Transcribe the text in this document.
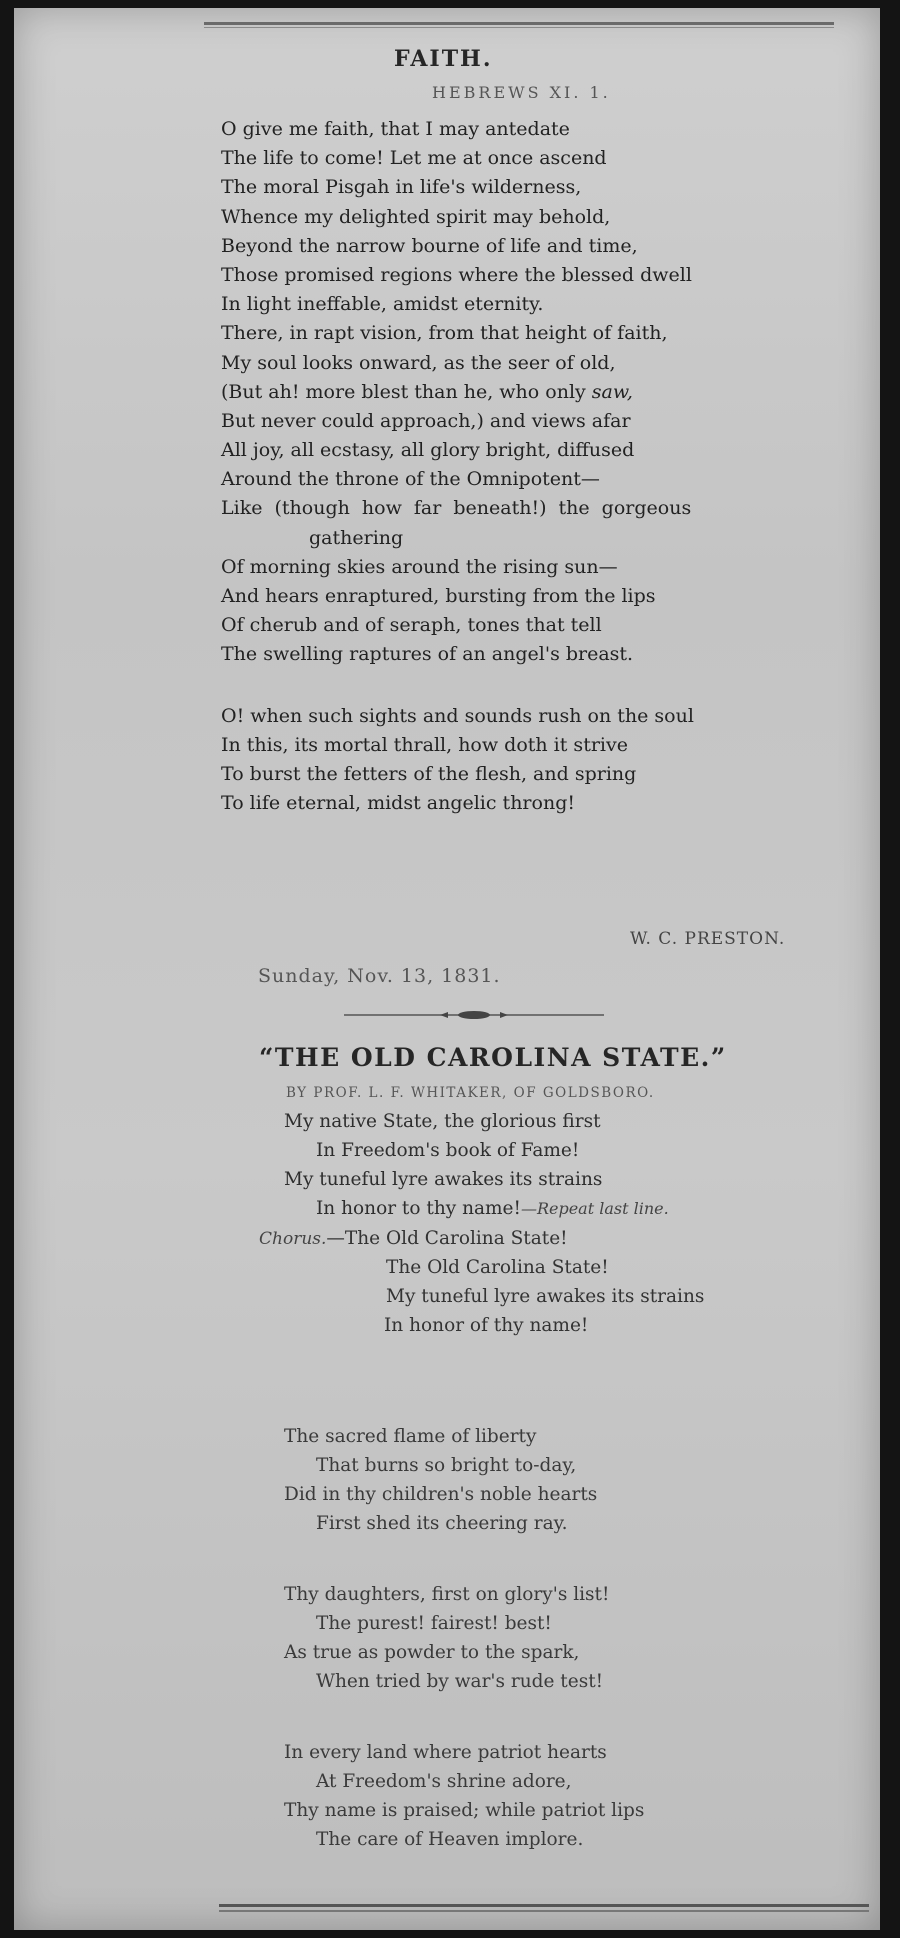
FAITH.
HEBREWS XI. 1.
O give me faith, that I may antedate
The life to come! Let me at once ascend
The moral Pisgah in life's wilderness,
Whence my delighted spirit may behold,
Beyond the narrow bourne of life and time,
Those promised regions where the blessed dwell
In light ineffable, amidst eternity.
There, in rapt vision, from that height of faith,
My soul looks onward, as the seer of old,
(But ah! more blest than he, who only saw,
But never could approach,) and views afar
All joy, all ecstasy, all glory bright, diffused
Around the throne of the Omnipotent—
Like (though how far beneath!) the gorgeous
gathering
Of morning skies around the rising sun—
And hears enraptured, bursting from the lips
Of cherub and of seraph, tones that tell
The swelling raptures of an angel's breast.
O! when such sights and sounds rush on the soul
In this, its mortal thrall, how doth it strive
To burst the fetters of the flesh, and spring
To life eternal, midst angelic throng!
W. C. PRESTON.
Sunday, Nov. 13, 1831.
“THE OLD CAROLINA STATE.”
BY PROF. L. F. WHITAKER, OF GOLDSBORO.
My native State, the glorious first
In Freedom's book of Fame!
My tuneful lyre awakes its strains
In honor to thy name!—Repeat last line.
Chorus.—The Old Carolina State!
The Old Carolina State!
My tuneful lyre awakes its strains
In honor of thy name!
The sacred flame of liberty
That burns so bright to-day,
Did in thy children's noble hearts
First shed its cheering ray.
Thy daughters, first on glory's list!
The purest! fairest! best!
As true as powder to the spark,
When tried by war's rude test!
In every land where patriot hearts
At Freedom's shrine adore,
Thy name is praised; while patriot lips
The care of Heaven implore.
